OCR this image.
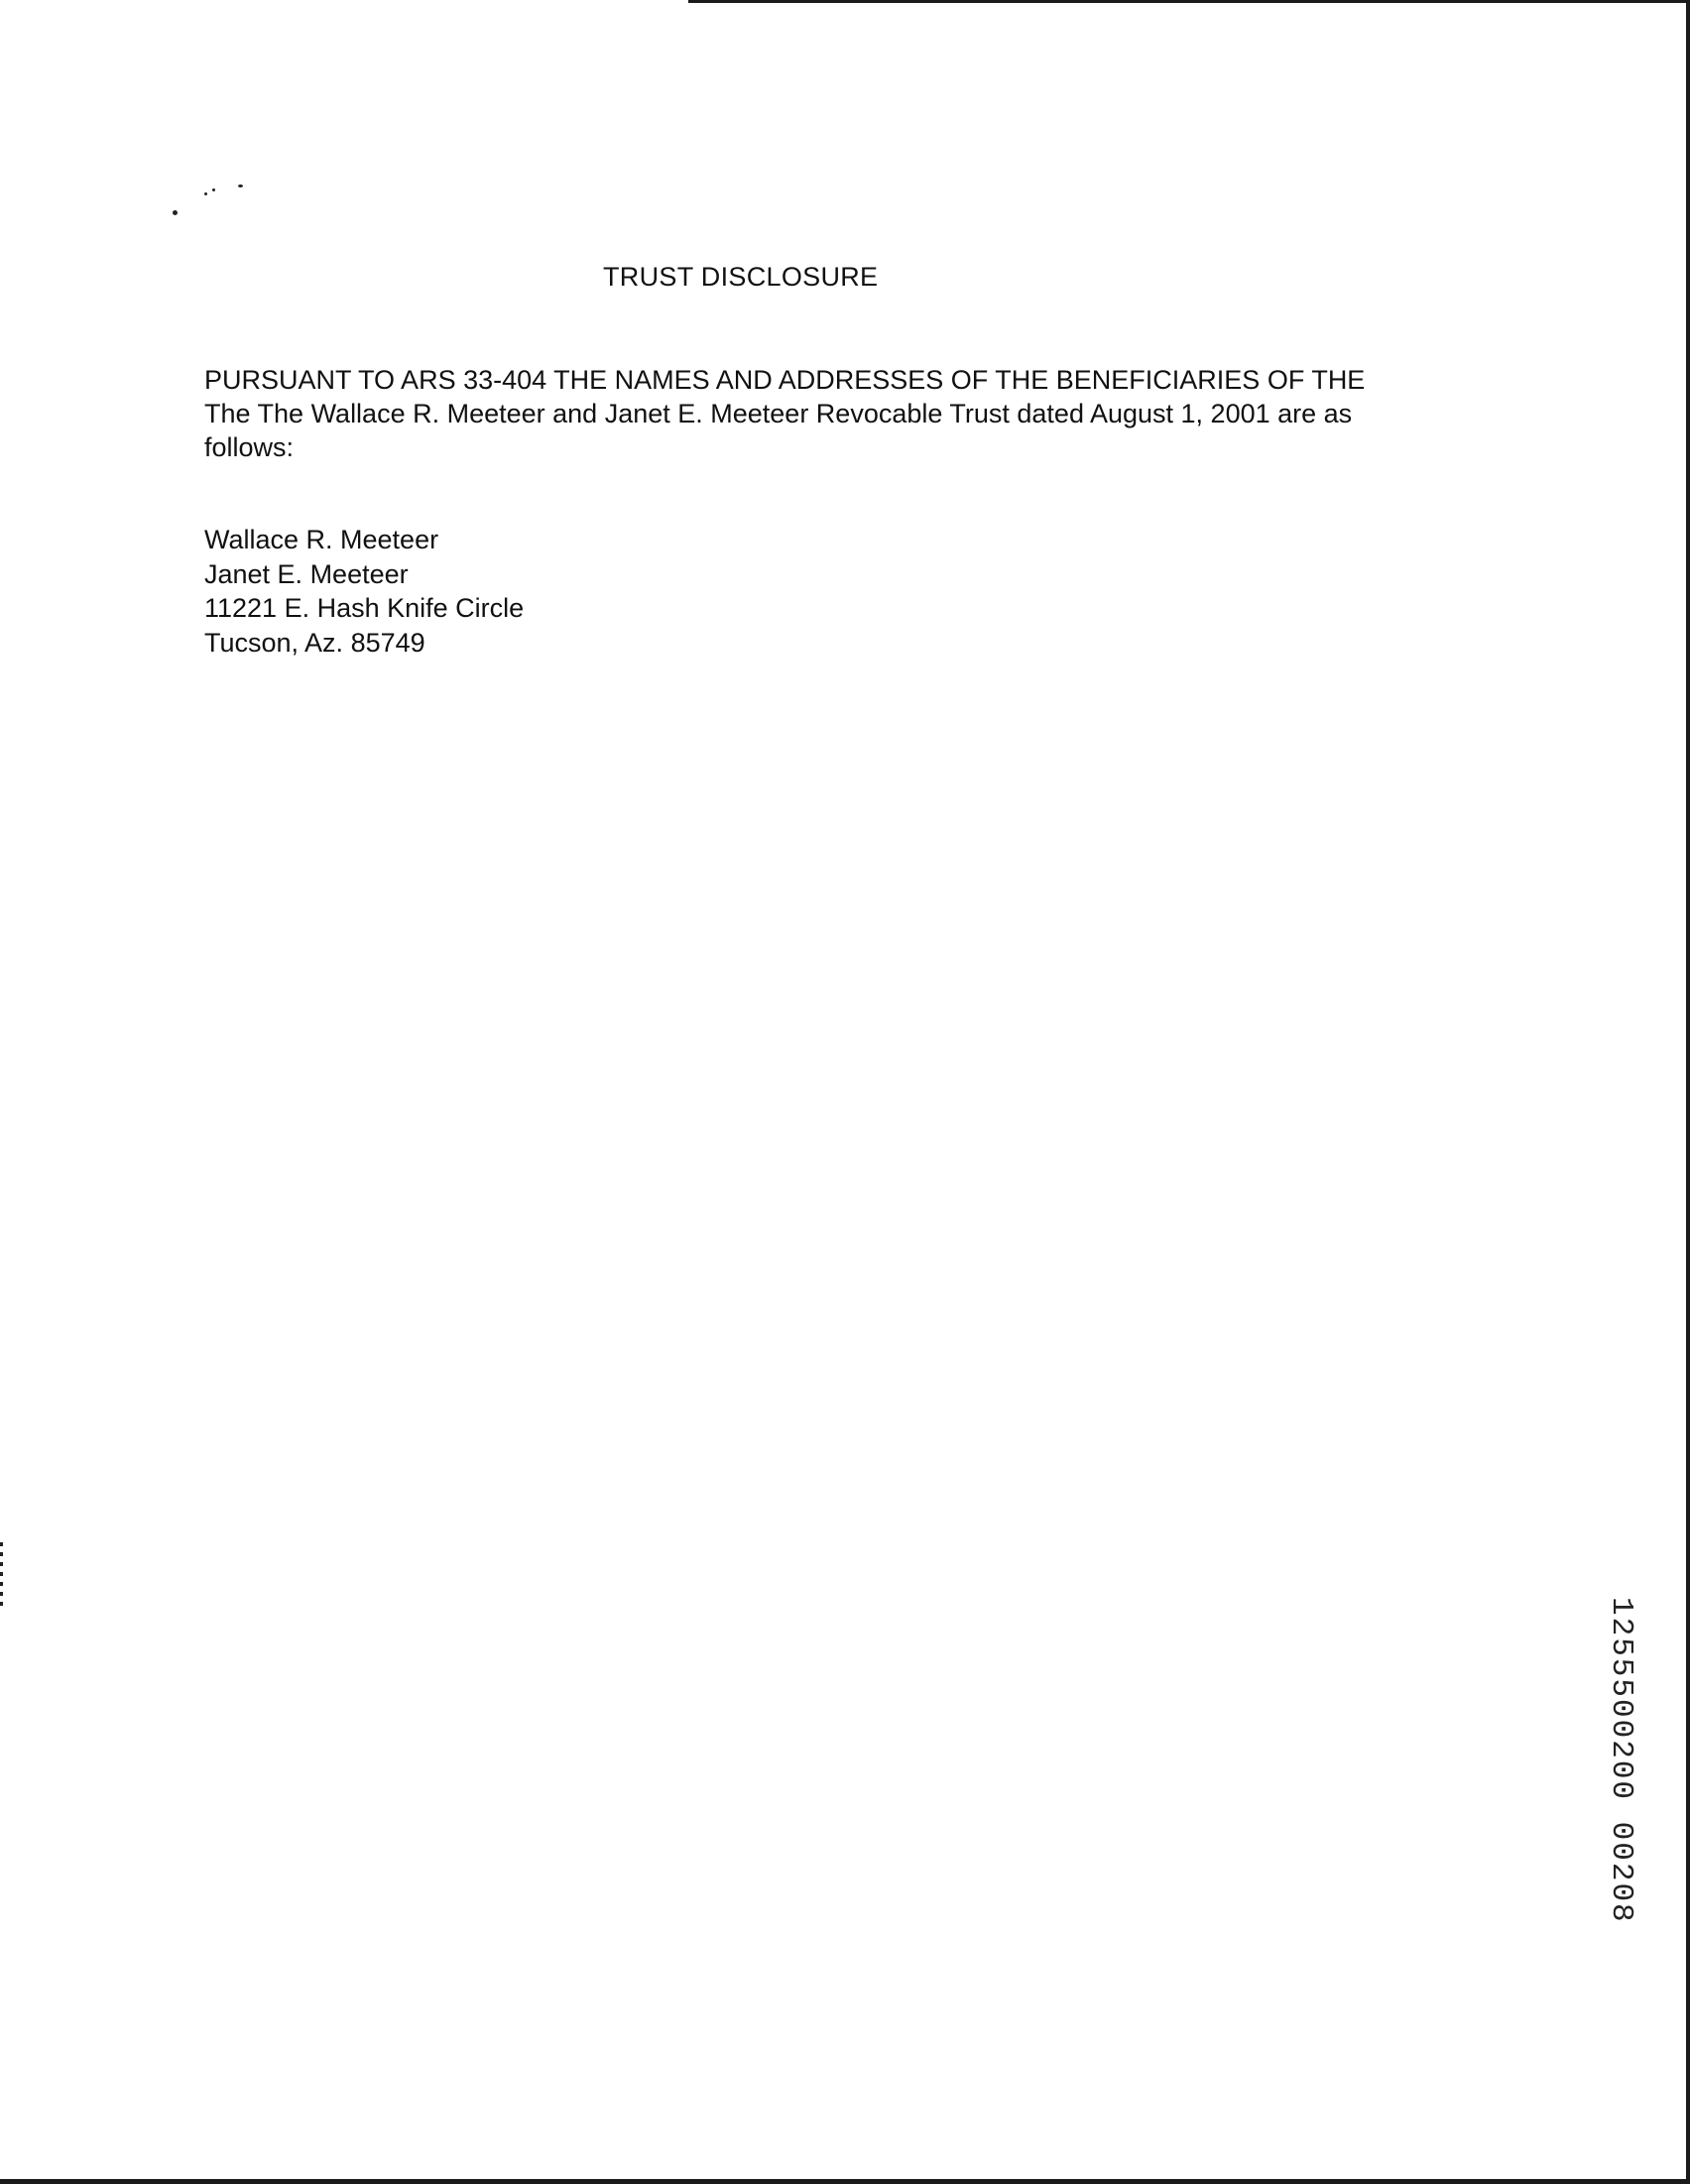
TRUST DISCLOSURE
PURSUANT TO ARS 33-404 THE NAMES AND ADDRESSES OF THE BENEFICIARIES OF THE
The The Wallace R. Meeteer and Janet E. Meeteer Revocable Trust dated August 1, 2001 are as
follows:
Wallace R. Meeteer
Janet E. Meeteer
11221 E. Hash Knife Circle
Tucson, Az. 85749
1255500200 00208
